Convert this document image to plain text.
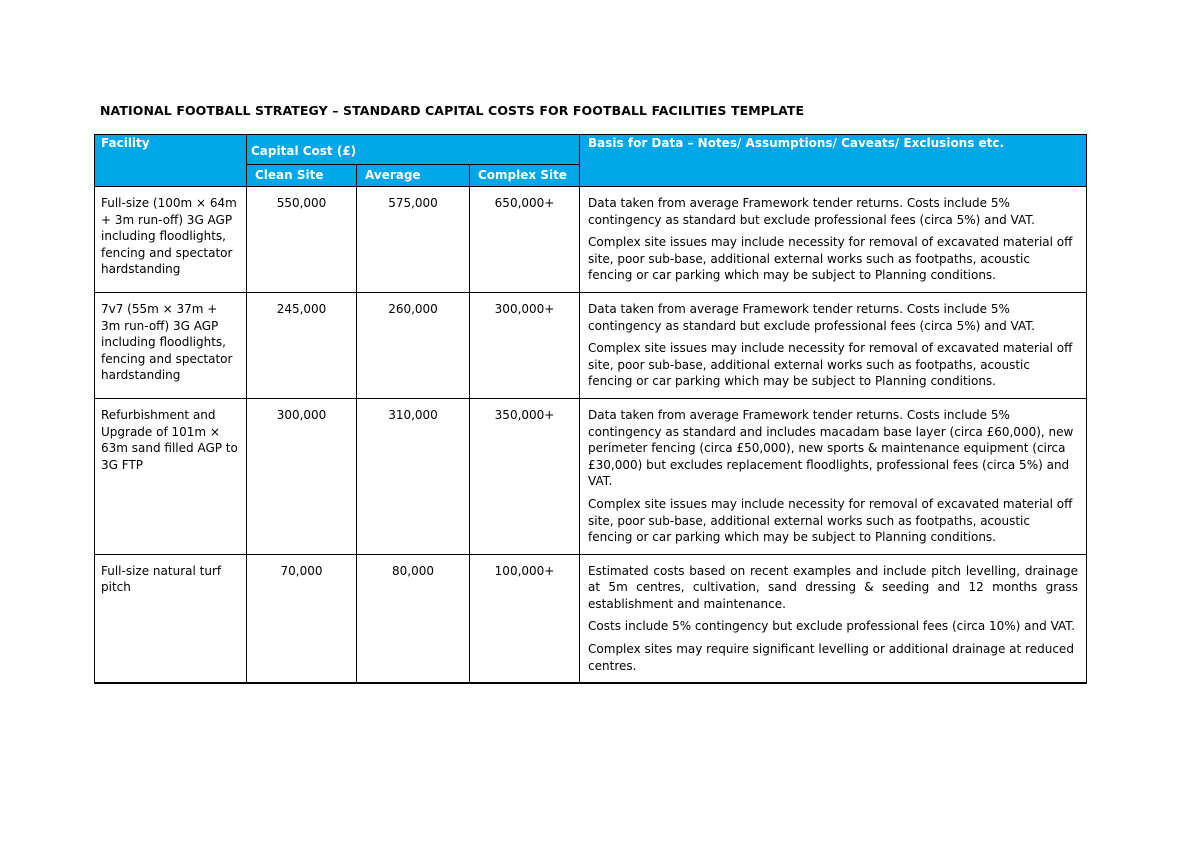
NATIONAL FOOTBALL STRATEGY – STANDARD CAPITAL COSTS FOR FOOTBALL FACILITIES TEMPLATE
Facility	Capital Cost (£)			Basis for Data – Notes/ Assumptions/ Caveats/ Exclusions etc.
	Clean Site	Average	Complex Site	
Full-size (100m × 64m + 3m run-off) 3G AGP including floodlights, fencing and spectator hardstanding	550,000	575,000	650,000+	Data taken from average Framework tender returns. Costs include 5% contingency as standard but exclude professional fees (circa 5%) and VAT.

Complex site issues may include necessity for removal of excavated material off site, poor sub-base, additional external works such as footpaths, acoustic fencing or car parking which may be subject to Planning conditions.

7v7 (55m × 37m + 3m run-off) 3G AGP including floodlights, fencing and spectator hardstanding	245,000	260,000	300,000+	Data taken from average Framework tender returns. Costs include 5% contingency as standard but exclude professional fees (circa 5%) and VAT.

Complex site issues may include necessity for removal of excavated material off site, poor sub-base, additional external works such as footpaths, acoustic fencing or car parking which may be subject to Planning conditions.

Refurbishment and Upgrade of 101m × 63m sand filled AGP to 3G FTP	300,000	310,000	350,000+	Data taken from average Framework tender returns. Costs include 5% contingency as standard and includes macadam base layer (circa £60,000), new perimeter fencing (circa £50,000), new sports & maintenance equipment (circa £30,000) but excludes replacement floodlights, professional fees (circa 5%) and VAT.

Complex site issues may include necessity for removal of excavated material off site, poor sub-base, additional external works such as footpaths, acoustic fencing or car parking which may be subject to Planning conditions.

Full-size natural turf pitch	70,000	80,000	100,000+	Estimated costs based on recent examples and include pitch levelling, drainage at 5m centres, cultivation, sand dressing & seeding and 12 months grass establishment and maintenance.

Costs include 5% contingency but exclude professional fees (circa 10%) and VAT.

Complex sites may require significant levelling or additional drainage at reduced centres.
